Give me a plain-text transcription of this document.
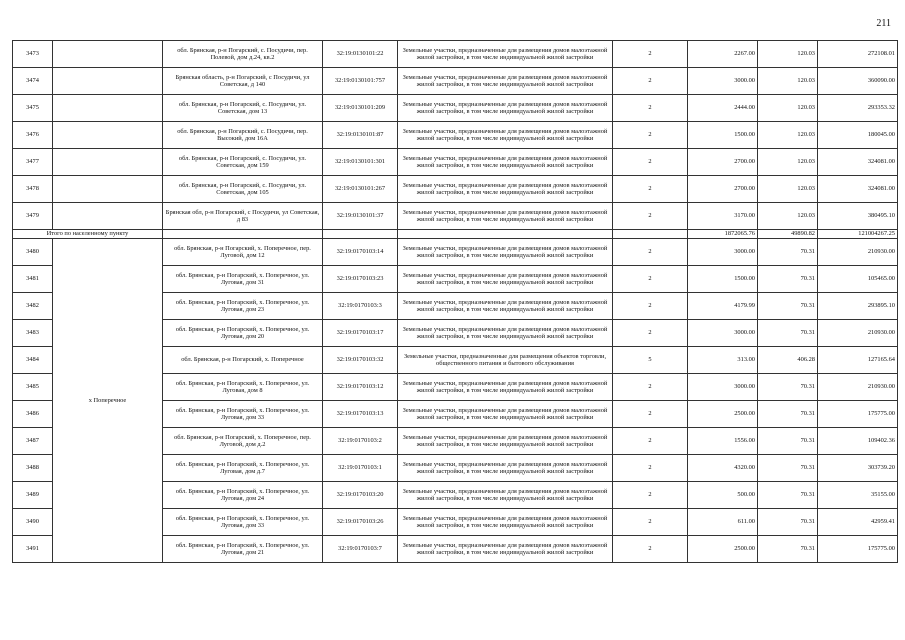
211
3473		обл. Брянская, р-н Погарский, с. Посудичи, пер. Полевой, дом д.24, кв.2	32:19:0130101:22	Земельные участки, предназначенные для размещения домов малоэтажной жилой застройки, в том числе индивидуальной жилой застройки	2	2267.00	120.03	272108.01
3474		Брянская область, р-н Погарский, с Посудичи, ул Советская, д 140	32:19:0130101:757	Земельные участки, предназначенные для размещения домов малоэтажной жилой застройки, в том числе индивидуальной жилой застройки	2	3000.00	120.03	360090.00
3475		обл. Брянская, р-н Погарский, с. Посудичи, ул. Советская, дом 13	32:19:0130101:209	Земельные участки, предназначенные для размещения домов малоэтажной жилой застройки, в том числе индивидуальной жилой застройки	2	2444.00	120.03	293353.32
3476		обл. Брянская, р-н Погарский, с. Посудичи, пер. Высокий, дом 16А	32:19:0130101:87	Земельные участки, предназначенные для размещения домов малоэтажной жилой застройки, в том числе индивидуальной жилой застройки	2	1500.00	120.03	180045.00
3477		обл. Брянская, р-н Погарский, с. Посудичи, ул. Советская, дом 159	32:19:0130101:301	Земельные участки, предназначенные для размещения домов малоэтажной жилой застройки, в том числе индивидуальной жилой застройки	2	2700.00	120.03	324081.00
3478		обл. Брянская, р-н Погарский, с. Посудичи, ул. Советская, дом 105	32:19:0130101:267	Земельные участки, предназначенные для размещения домов малоэтажной жилой застройки, в том числе индивидуальной жилой застройки	2	2700.00	120.03	324081.00
3479		Брянская обл, р-н Погарский, с Посудичи, ул Советская, д 83	32:19:0130101:37	Земельные участки, предназначенные для размещения домов малоэтажной жилой застройки, в том числе индивидуальной жилой застройки	2	3170.00	120.03	380495.10
Итого по населенному пункту						1872065.76	49890.82	121004267.25
3480	х Поперечное	обл. Брянская, р-н Погарский, х. Поперечное, пер. Луговой, дом 12	32:19:0170103:14	Земельные участки, предназначенные для размещения домов малоэтажной жилой застройки, в том числе индивидуальной жилой застройки	2	3000.00	70.31	210930.00
3481		обл. Брянская, р-н Погарский, х. Поперечное, ул. Луговая, дом 31	32:19:0170103:23	Земельные участки, предназначенные для размещения домов малоэтажной жилой застройки, в том числе индивидуальной жилой застройки	2	1500.00	70.31	105465.00
3482		обл. Брянская, р-н Погарский, х. Поперечное, ул. Луговая, дом 23	32:19:0170103:3	Земельные участки, предназначенные для размещения домов малоэтажной жилой застройки, в том числе индивидуальной жилой застройки	2	4179.99	70.31	293895.10
3483		обл. Брянская, р-н Погарский, х. Поперечное, ул. Луговая, дом 20	32:19:0170103:17	Земельные участки, предназначенные для размещения домов малоэтажной жилой застройки, в том числе индивидуальной жилой застройки	2	3000.00	70.31	210930.00
3484		обл. Брянская, р-н Погарский, х. Поперечное	32:19:0170103:32	Земельные участки, предназначенные для размещения объектов торговли, общественного питания и бытового обслуживания	5	313.00	406.28	127165.64
3485		обл. Брянская, р-н Погарский, х. Поперечное, ул. Луговая, дом 8	32:19:0170103:12	Земельные участки, предназначенные для размещения домов малоэтажной жилой застройки, в том числе индивидуальной жилой застройки	2	3000.00	70.31	210930.00
3486		обл. Брянская, р-н Погарский, х. Поперечное, ул. Луговая, дом 33	32:19:0170103:13	Земельные участки, предназначенные для размещения домов малоэтажной жилой застройки, в том числе индивидуальной жилой застройки	2	2500.00	70.31	175775.00
3487		обл. Брянская, р-н Погарский, х. Поперечное, пер. Луговой, дом д.2	32:19:0170103:2	Земельные участки, предназначенные для размещения домов малоэтажной жилой застройки, в том числе индивидуальной жилой застройки	2	1556.00	70.31	109402.36
3488		обл. Брянская, р-н Погарский, х. Поперечное, ул. Луговая, дом д.7	32:19:0170103:1	Земельные участки, предназначенные для размещения домов малоэтажной жилой застройки, в том числе индивидуальной жилой застройки	2	4320.00	70.31	303739.20
3489		обл. Брянская, р-н Погарский, х. Поперечное, ул. Луговая, дом 24	32:19:0170103:20	Земельные участки, предназначенные для размещения домов малоэтажной жилой застройки, в том числе индивидуальной жилой застройки	2	500.00	70.31	35155.00
3490		обл. Брянская, р-н Погарский, х. Поперечное, ул. Луговая, дом 33	32:19:0170103:26	Земельные участки, предназначенные для размещения домов малоэтажной жилой застройки, в том числе индивидуальной жилой застройки	2	611.00	70.31	42959.41
3491		обл. Брянская, р-н Погарский, х. Поперечное, ул. Луговая, дом 21	32:19:0170103:7	Земельные участки, предназначенные для размещения домов малоэтажной жилой застройки, в том числе индивидуальной жилой застройки	2	2500.00	70.31	175775.00
